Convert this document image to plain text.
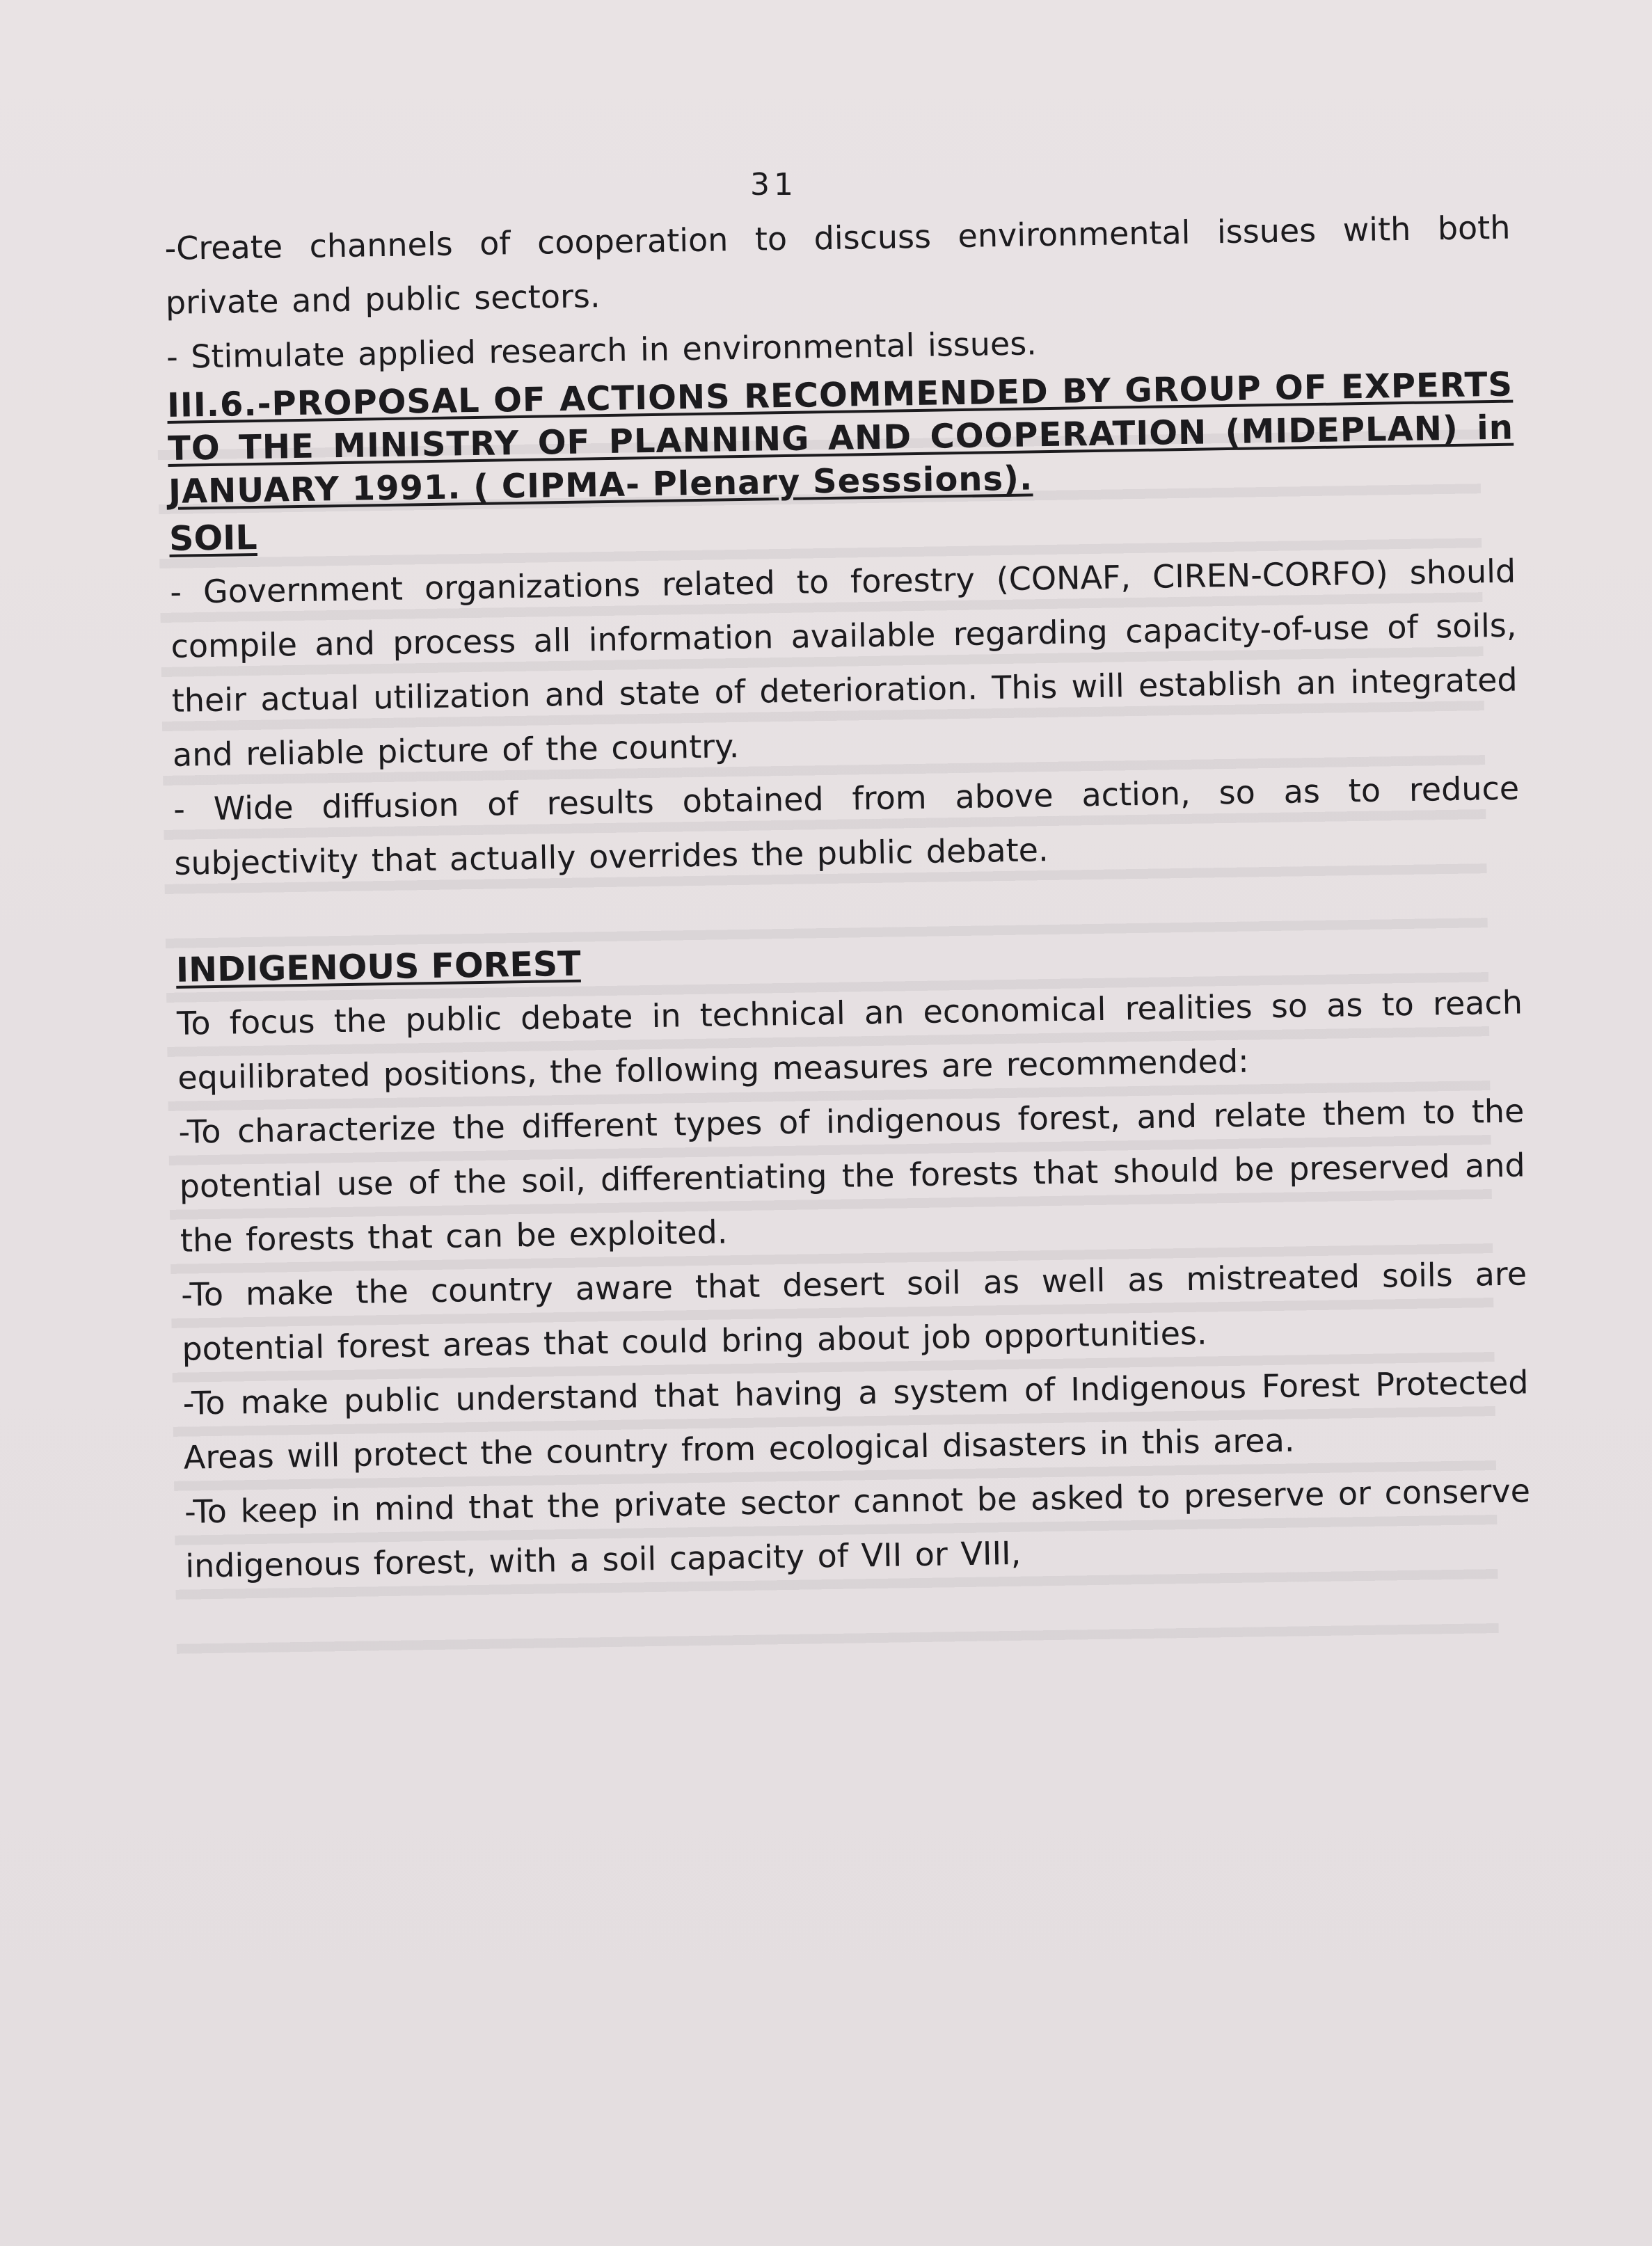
31

-Create channels of cooperation to discuss environmental issues with both private and public sectors.

- Stimulate applied research in environmental issues.

III.6.-PROPOSAL OF ACTIONS RECOMMENDED BY GROUP OF EXPERTS TO THE MINISTRY OF PLANNING AND COOPERATION (MIDEPLAN) in JANUARY 1991. ( CIPMA- Plenary Sesssions).

SOIL

- Government organizations related to forestry (CONAF, CIREN-CORFO) should compile and process all information available regarding capacity-of-use of soils, their actual utilization and state of deterioration. This will establish an integrated and reliable picture of the country.

- Wide diffusion of results obtained from above action, so as to reduce subjectivity that actually overrides the public debate.

INDIGENOUS FOREST

To focus the public debate in technical an economical realities so as to reach equilibrated positions, the following measures are recommended:

-To characterize the different types of indigenous forest, and relate them to the potential use of the soil, differentiating the forests that should be preserved and the forests that can be exploited.

-To make the country aware that desert soil as well as mistreated soils are potential forest areas that could bring about job opportunities.

-To make public understand that having a system of Indigenous Forest Protected Areas will protect the country from ecological disasters in this area.

-To keep in mind that the private sector cannot be asked to preserve or conserve indigenous forest, with a soil capacity of VII or VIII,
